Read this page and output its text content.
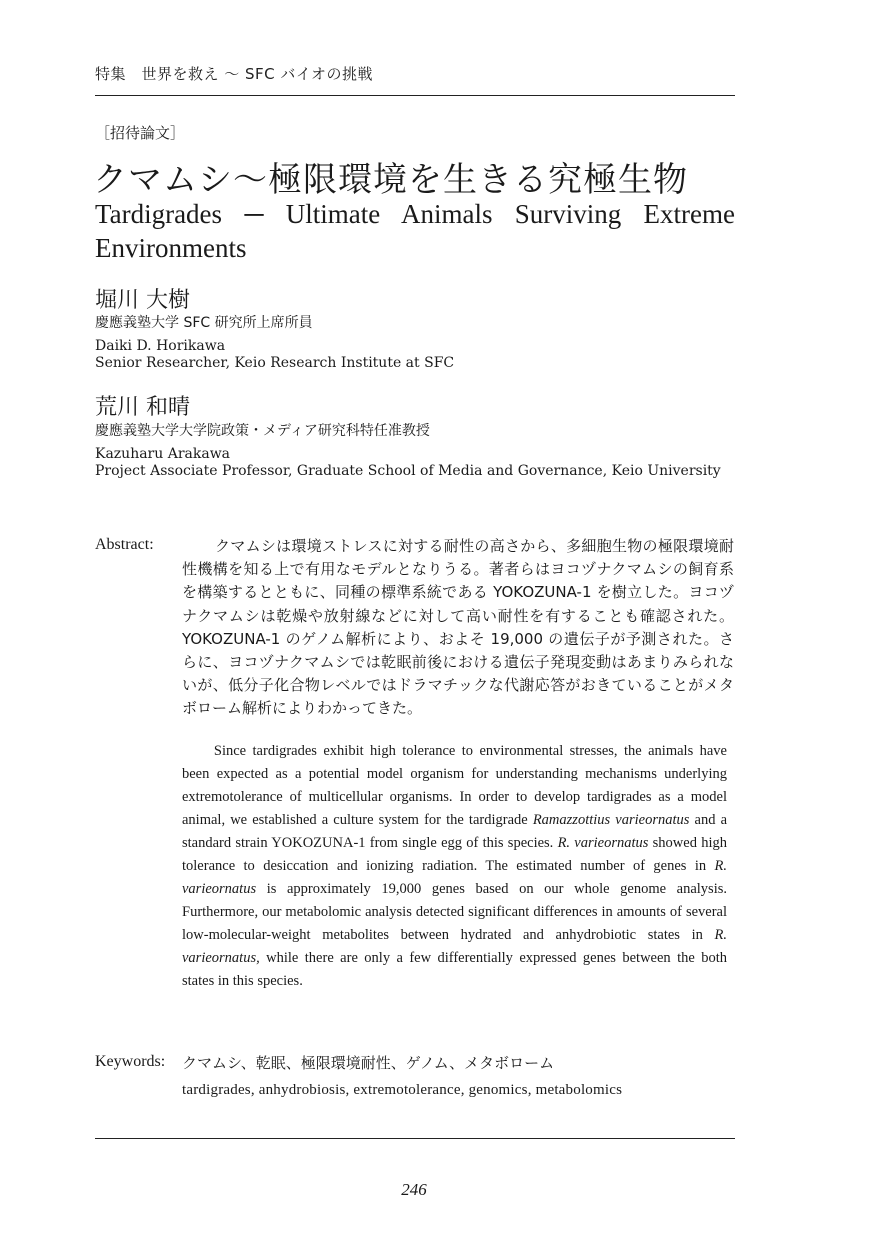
特集　世界を救え ～ SFC バイオの挑戦
［招待論文］
クマムシ～極限環境を生きる究極生物
Tardigrades ─ Ultimate Animals Surviving Extreme Environments
堀川 大樹
慶應義塾大学 SFC 研究所上席所員
Daiki D. Horikawa
Senior Researcher, Keio Research Institute at SFC
荒川 和晴
慶應義塾大学大学院政策・メディア研究科特任准教授
Kazuharu Arakawa
Project Associate Professor, Graduate School of Media and Governance, Keio University
Abstract:	クマムシは環境ストレスに対する耐性の高さから、多細胞生物の極限環境耐性機構を知る上で有用なモデルとなりうる。著者らはヨコヅナクマムシの飼育系を構築するとともに、同種の標準系統である YOKOZUNA-1 を樹立した。ヨコヅナクマムシは乾燥や放射線などに対して高い耐性を有することも確認された。YOKOZUNA-1 のゲノム解析により、およそ 19,000 の遺伝子が予測された。さらに、ヨコヅナクマムシでは乾眠前後における遺伝子発現変動はあまりみられないが、低分子化合物レベルではドラマチックな代謝応答がおきていることがメタボローム解析によりわかってきた。

Since tardigrades exhibit high tolerance to environmental stresses, the animals have been expected as a potential model organism for understanding mechanisms underlying extremotolerance of multicellular organisms. In order to develop tardigrades as a model animal, we established a culture system for the tardigrade Ramazzottius varieornatus and a standard strain YOKOZUNA-1 from single egg of this species. R. varieornatus showed high tolerance to desiccation and ionizing radiation. The estimated number of genes in R. varieornatus is approximately 19,000 genes based on our whole genome analysis. Furthermore, our metabolomic analysis detected significant differences in amounts of several low-molecular-weight metabolites between hydrated and anhydrobiotic states in R. varieornatus, while there are only a few differentially expressed genes between the both states in this species.

Keywords: クマムシ、乾眠、極限環境耐性、ゲノム、メタボローム
tardigrades, anhydrobiosis, extremotolerance, genomics, metabolomics
246
